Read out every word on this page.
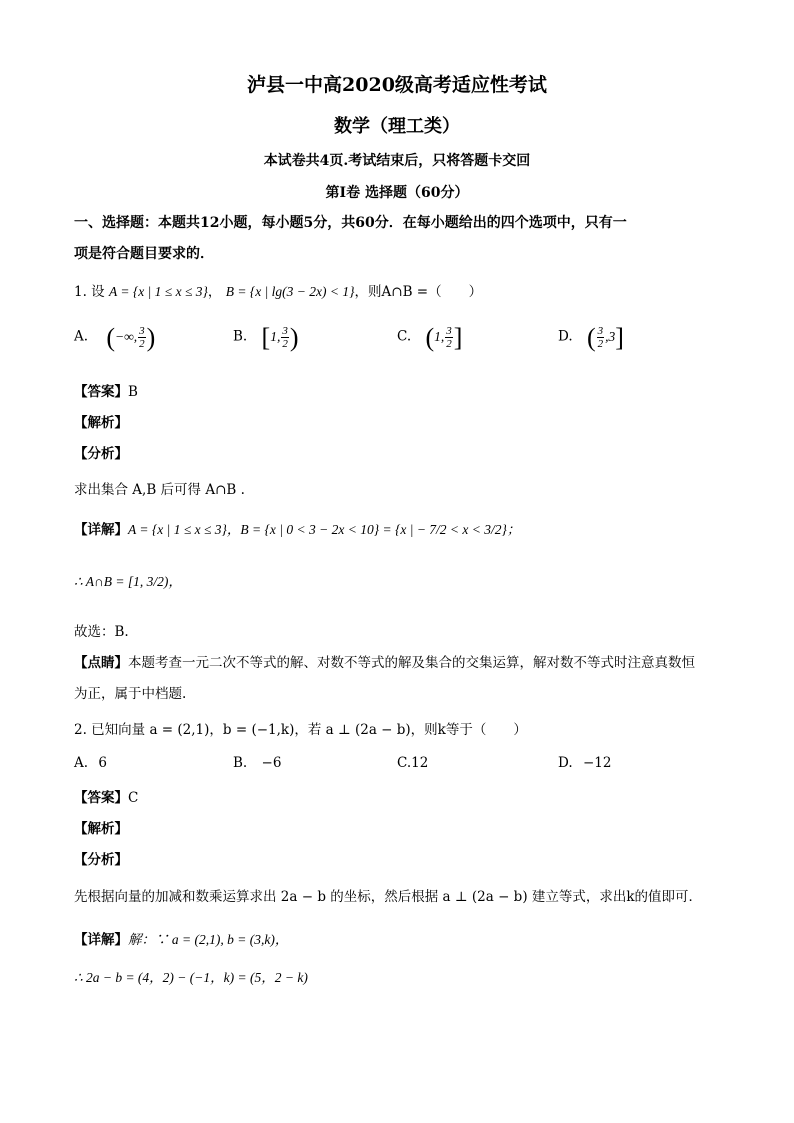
泸县一中高2020级高考适应性考试
数学（理工类）
本试卷共4页.考试结束后，只将答题卡交回
第I卷 选择题（60分）
一、选择题：本题共12小题，每小题5分，共60分．在每小题给出的四个选项中，只有一
项是符合题目要求的．
1. 设 A = {x | 1 ≤ x ≤ 3}， B = {x | lg(3 − 2x) < 1}，则A∩B =（　　）
A. (−∞, $\frac{3}{2}$ )	B. [1, $\frac{3}{2}$ )	C. (1, $\frac{3}{2}$ ]	D. ( $\frac{3}{2} ,3$]
【答案】B
【解析】
【分析】
求出集合 A,B 后可得 A∩B .
【详解】A = {x | 1 ≤ x ≤ 3}，B = {x | 0 < 3 − 2x < 10} = {x | − 7/2 < x < 3/2}；
∴ A∩B = [1, 3/2)，
故选：B.
【点睛】本题考查一元二次不等式的解、对数不等式的解及集合的交集运算，解对数不等式时注意真数恒
为正，属于中档题.
2. 已知向量 a = (2,1)，b = (−1,k)，若 a ⊥ (2a − b)，则k等于（　　）
A. 6	B. −6	C.12	D. −12
【答案】C
【解析】
【分析】
先根据向量的加减和数乘运算求出 2a − b 的坐标，然后根据 a ⊥ (2a − b) 建立等式，求出k的值即可．
【详解】解：∵ a = (2,1), b = (3,k)，
∴ 2a − b = (4，2) − (−1，k) = (5，2 − k)
